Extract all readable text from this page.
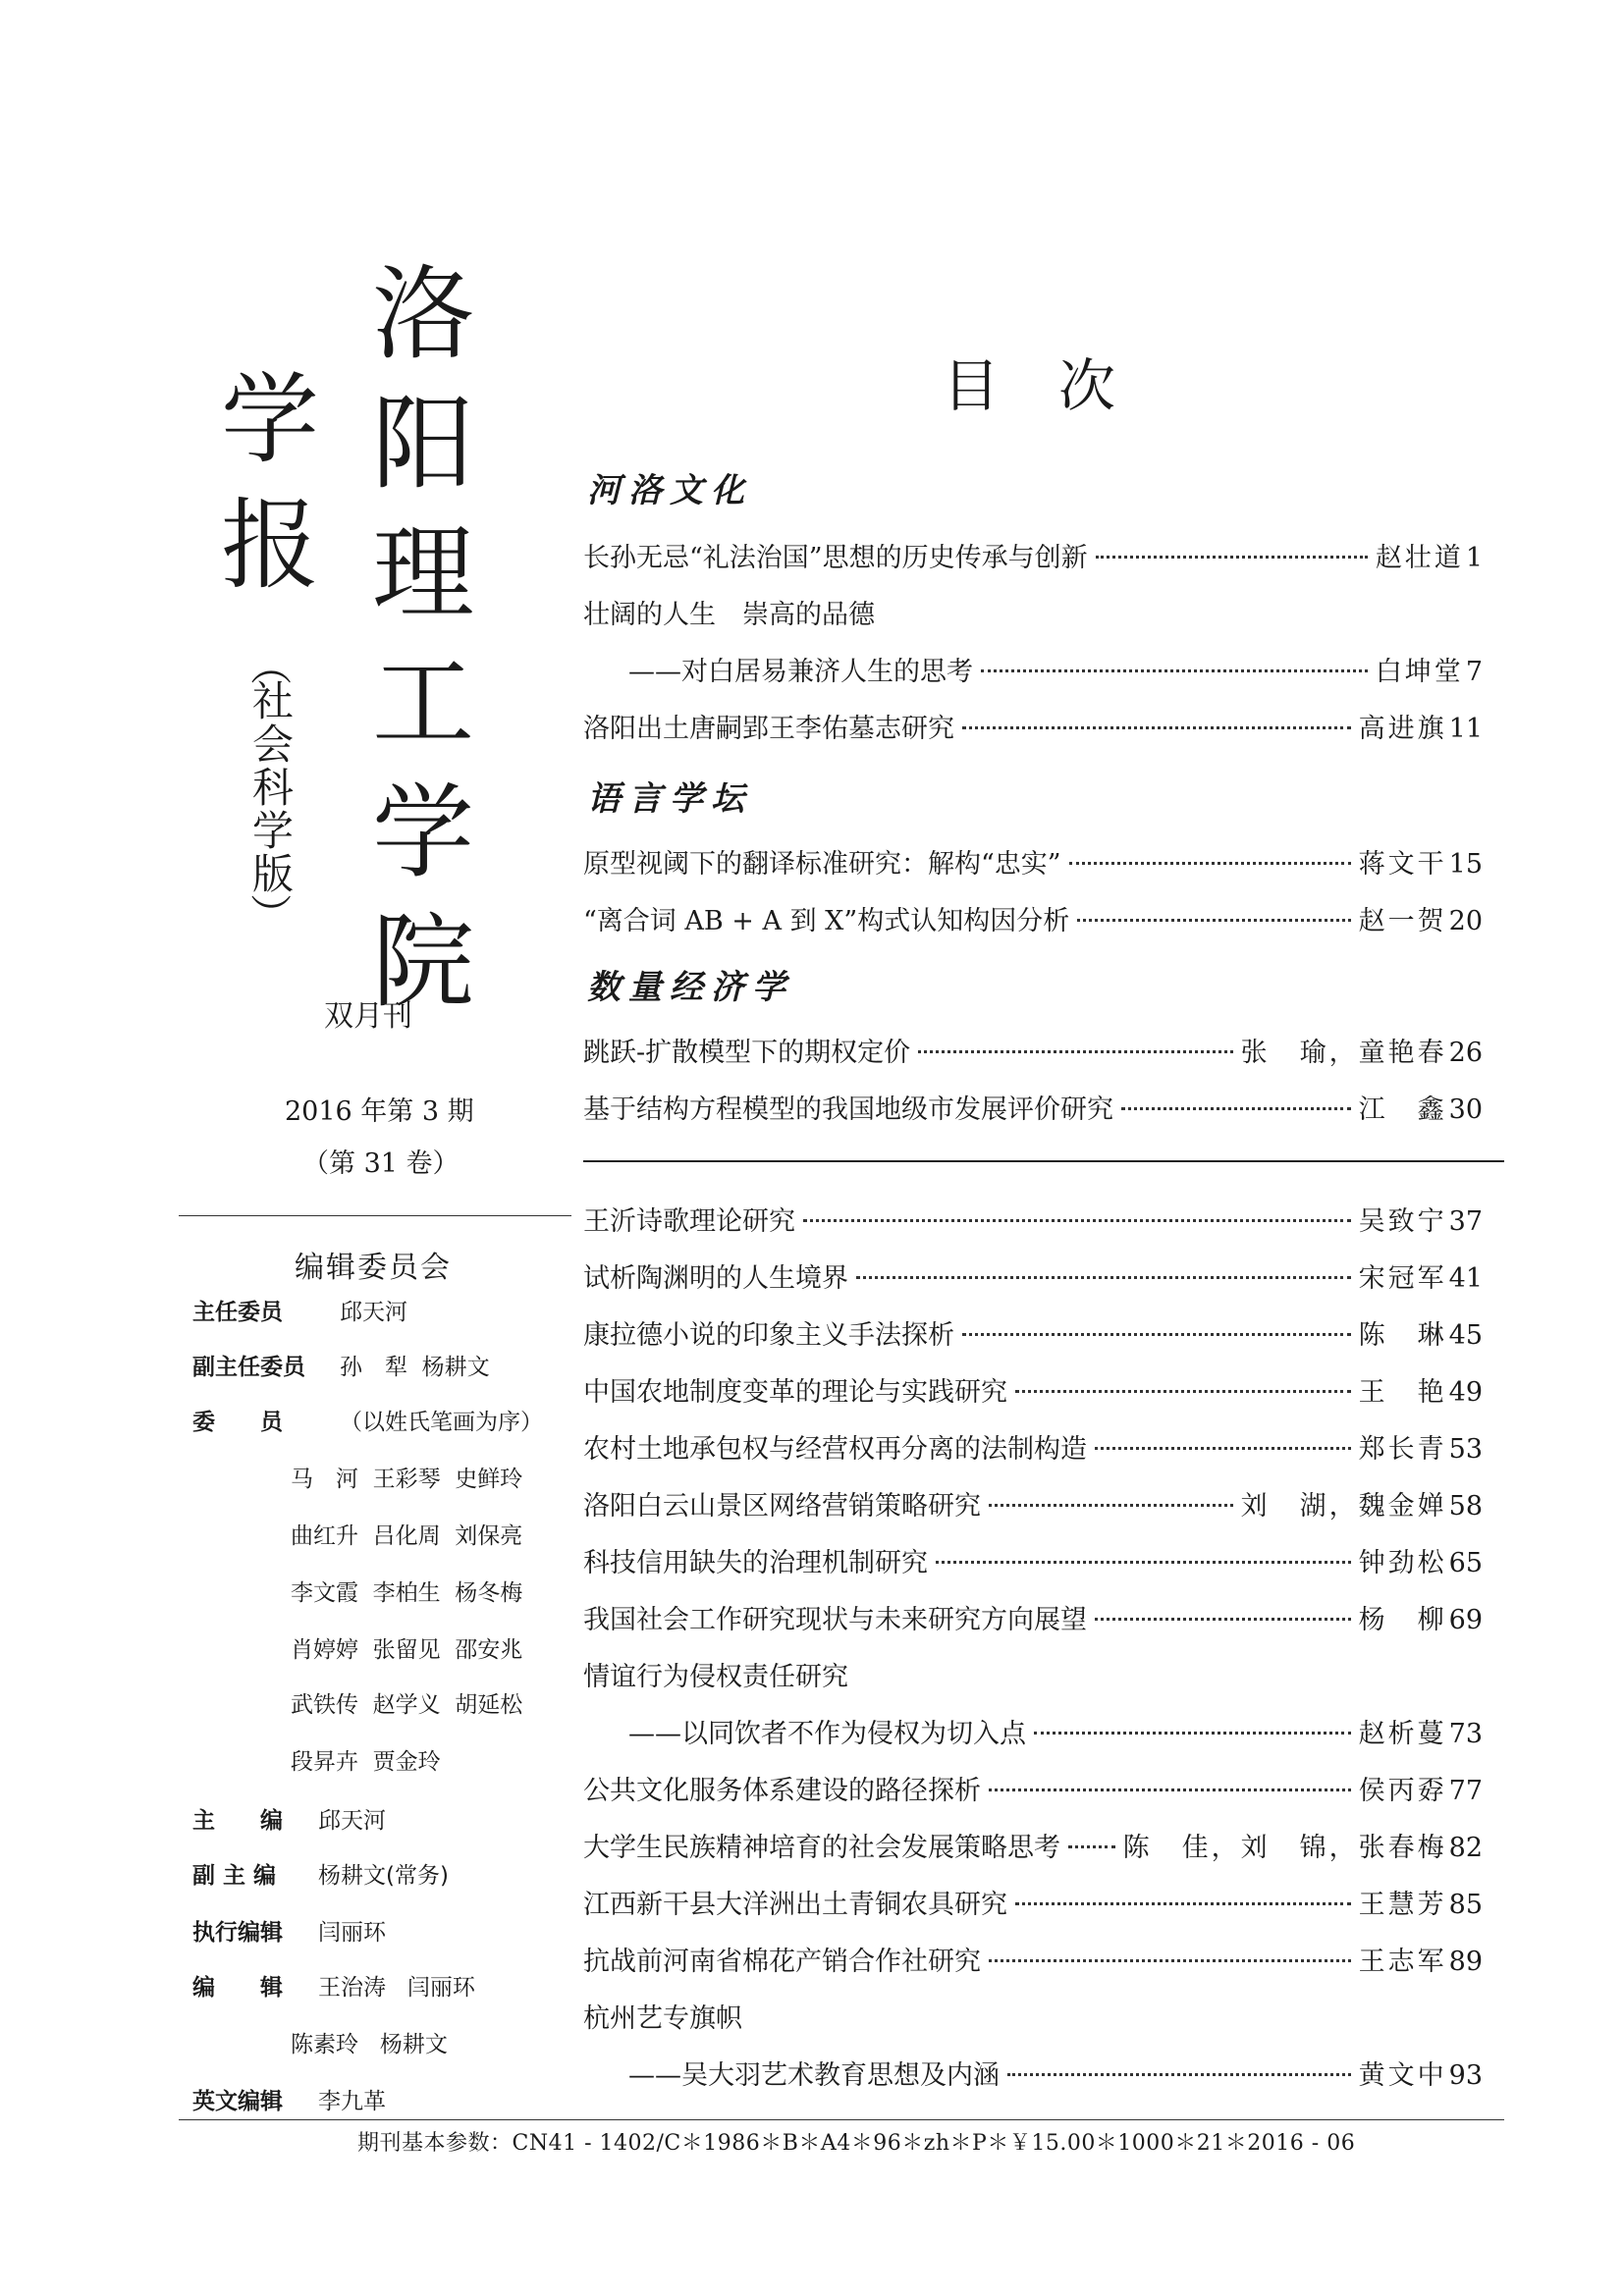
洛
阳
理
工
学
院
学
报
（
社
会
科
学
版
）
双月刊
2016 年第 3 期
（第 31 卷）
编辑委员会
主任委员	邱天河
副主任委员 孙　犁  杨耕文
委　　员	（以姓氏笔画为序）
马　河  王彩琴  史鲜玲
曲红升  吕化周  刘保亮
李文霞  李柏生  杨冬梅
肖婷婷  张留见  邵安兆
武铁传  赵学义  胡延松
段昇卉  贾金玲
主　　编 邱天河
副 主 编 杨耕文(常务)
执行编辑 闫丽环
编　　辑 王治涛   闫丽环
陈素玲   杨耕文
英文编辑 李九革
目次
河洛文化
语言学坛
数量经济学
长孙无忌“礼法治国”思想的历史传承与创新	赵壮道 1
壮阔的人生　崇高的品德
——对白居易兼济人生的思考	白坤堂 7
洛阳出土唐嗣郢王李佑墓志研究	高进旗 11
原型视阈下的翻译标准研究：解构“忠实”	蒋文干 15
“离合词 AB + A 到 X”构式认知构因分析	赵一贺 20
跳跃-扩散模型下的期权定价	张　瑜，童艳春 26
基于结构方程模型的我国地级市发展评价研究	江　鑫 30
王沂诗歌理论研究	吴致宁 37
试析陶渊明的人生境界	宋冠军 41
康拉德小说的印象主义手法探析	陈　琳 45
中国农地制度变革的理论与实践研究	王　艳 49
农村土地承包权与经营权再分离的法制构造	郑长青 53
洛阳白云山景区网络营销策略研究	刘　湖，魏金婵 58
科技信用缺失的治理机制研究	钟劲松 65
我国社会工作研究现状与未来研究方向展望	杨　柳 69
情谊行为侵权责任研究
——以同饮者不作为侵权为切入点	赵析蔓 73
公共文化服务体系建设的路径探析	侯丙孬 77
大学生民族精神培育的社会发展策略思考 陈　佳，刘　锦，张春梅 82
江西新干县大洋洲出土青铜农具研究	王慧芳 85
抗战前河南省棉花产销合作社研究	王志军 89
杭州艺专旗帜
——吴大羽艺术教育思想及内涵	黄文中 93
期刊基本参数：CN41 - 1402/C＊1986＊B＊A4＊96＊zh＊P＊￥15.00＊1000＊21＊2016 - 06
